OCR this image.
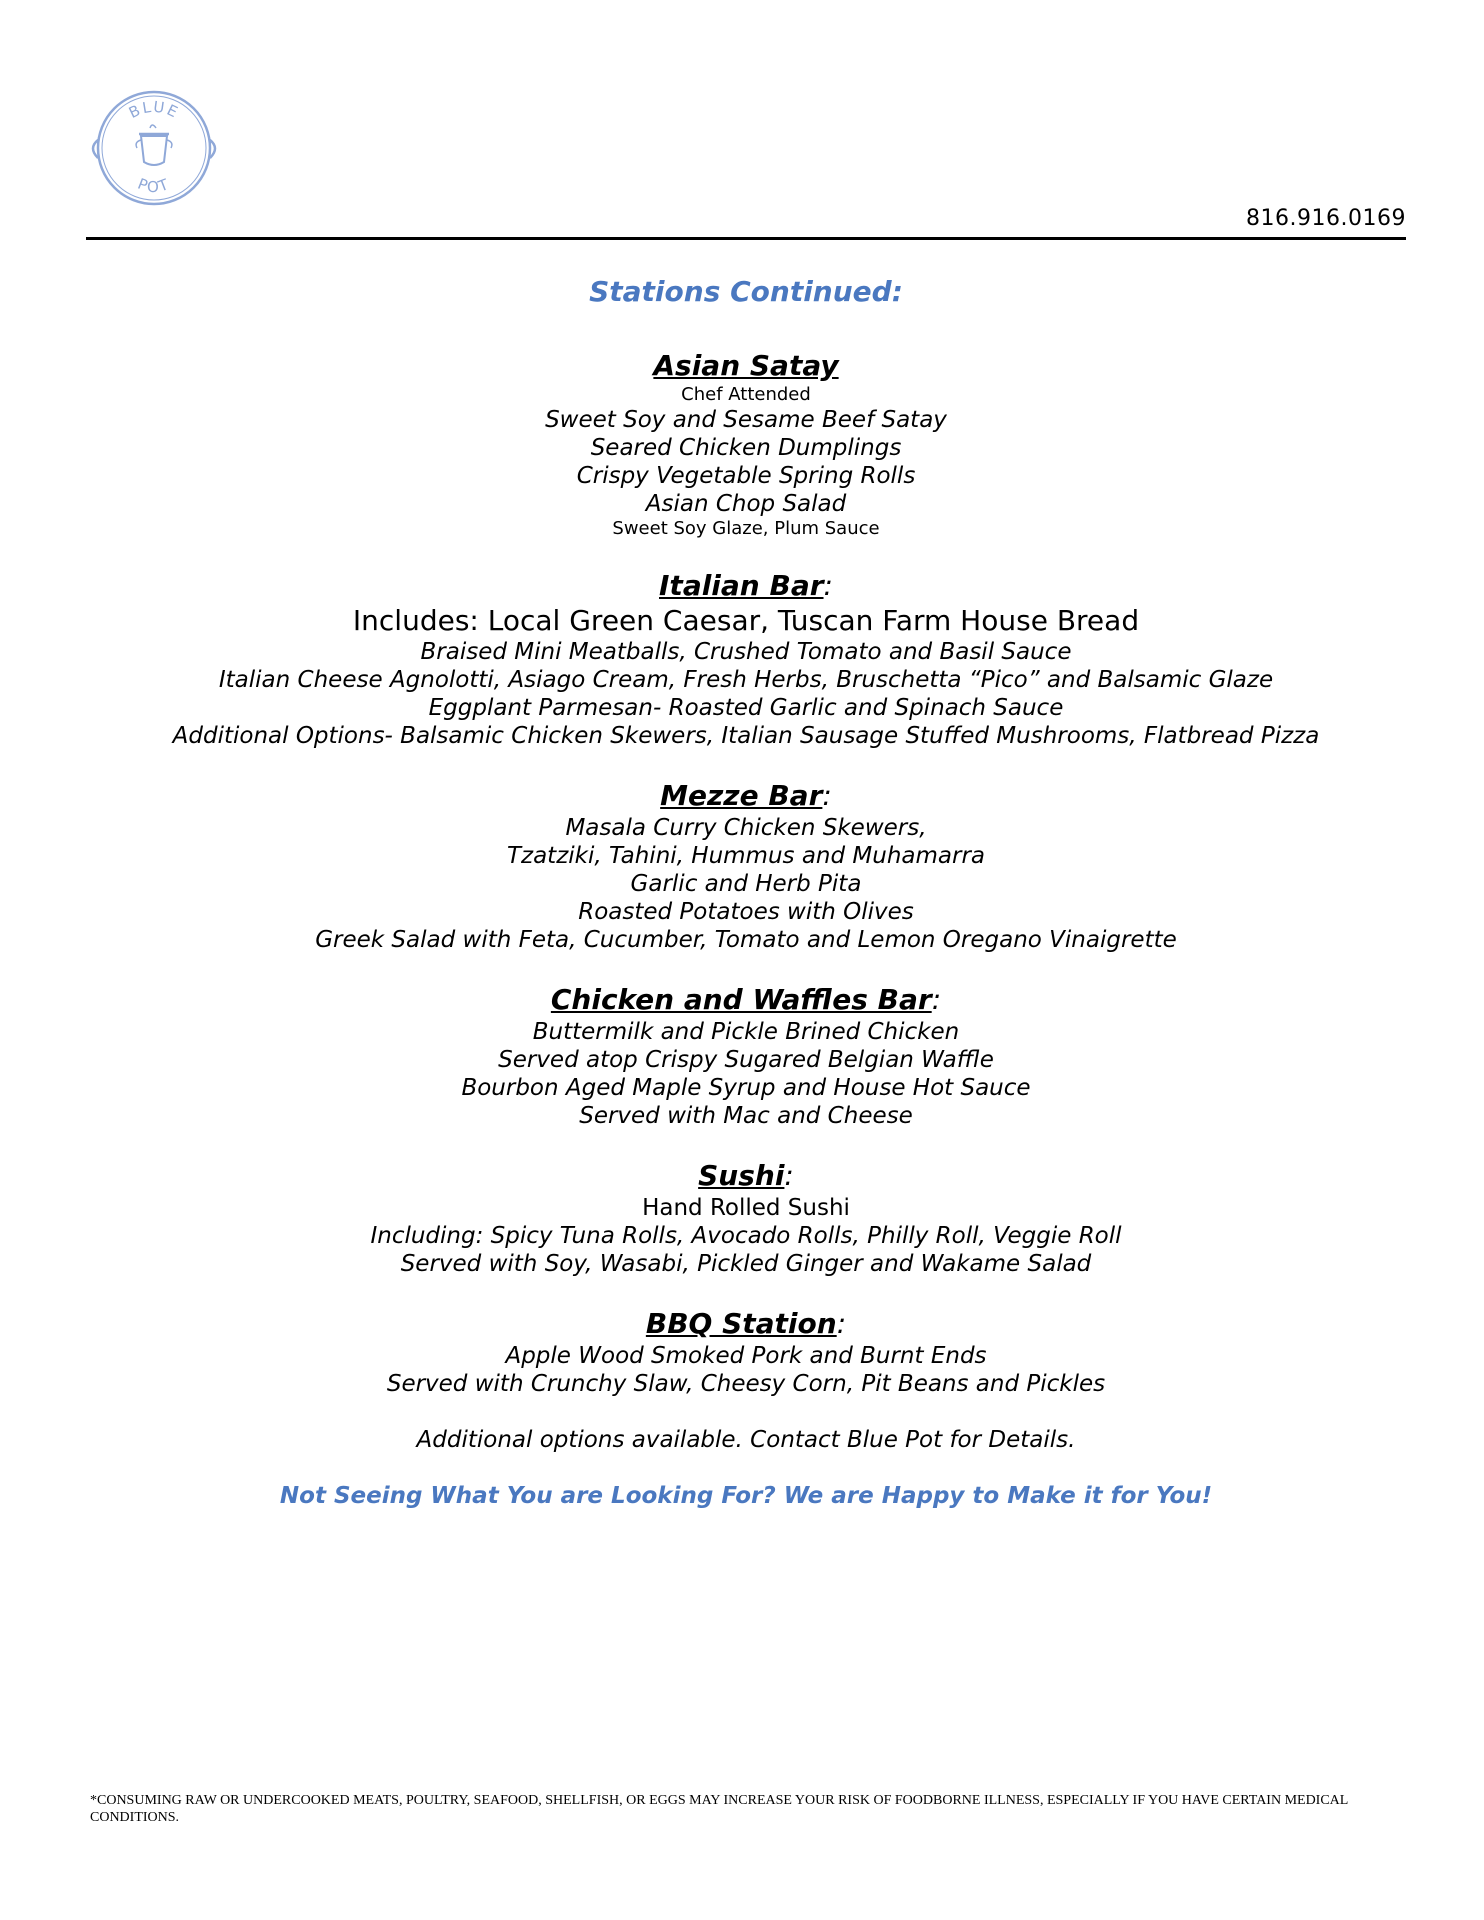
BLUE
POT
816.916.0169
Stations Continued:
Asian Satay
Chef Attended
Sweet Soy and Sesame Beef Satay
Seared Chicken Dumplings
Crispy Vegetable Spring Rolls
Asian Chop Salad
Sweet Soy Glaze, Plum Sauce
Italian Bar:
Includes: Local Green Caesar, Tuscan Farm House Bread
Braised Mini Meatballs, Crushed Tomato and Basil Sauce
Italian Cheese Agnolotti, Asiago Cream, Fresh Herbs, Bruschetta “Pico” and Balsamic Glaze
Eggplant Parmesan- Roasted Garlic and Spinach Sauce
Additional Options- Balsamic Chicken Skewers, Italian Sausage Stuffed Mushrooms, Flatbread Pizza
Mezze Bar:
Masala Curry Chicken Skewers,
Tzatziki, Tahini, Hummus and Muhamarra
Garlic and Herb Pita
Roasted Potatoes with Olives
Greek Salad with Feta, Cucumber, Tomato and Lemon Oregano Vinaigrette
Chicken and Waffles Bar:
Buttermilk and Pickle Brined Chicken
Served atop Crispy Sugared Belgian Waffle
Bourbon Aged Maple Syrup and House Hot Sauce
Served with Mac and Cheese
Sushi:
Hand Rolled Sushi
Including: Spicy Tuna Rolls, Avocado Rolls, Philly Roll, Veggie Roll
Served with Soy, Wasabi, Pickled Ginger and Wakame Salad
BBQ Station:
Apple Wood Smoked Pork and Burnt Ends
Served with Crunchy Slaw, Cheesy Corn, Pit Beans and Pickles
Additional options available. Contact Blue Pot for Details.
Not Seeing What You are Looking For? We are Happy to Make it for You!
*CONSUMING RAW OR UNDERCOOKED MEATS, POULTRY, SEAFOOD, SHELLFISH, OR EGGS MAY INCREASE YOUR RISK OF FOODBORNE ILLNESS, ESPECIALLY IF YOU HAVE CERTAIN MEDICAL CONDITIONS.
